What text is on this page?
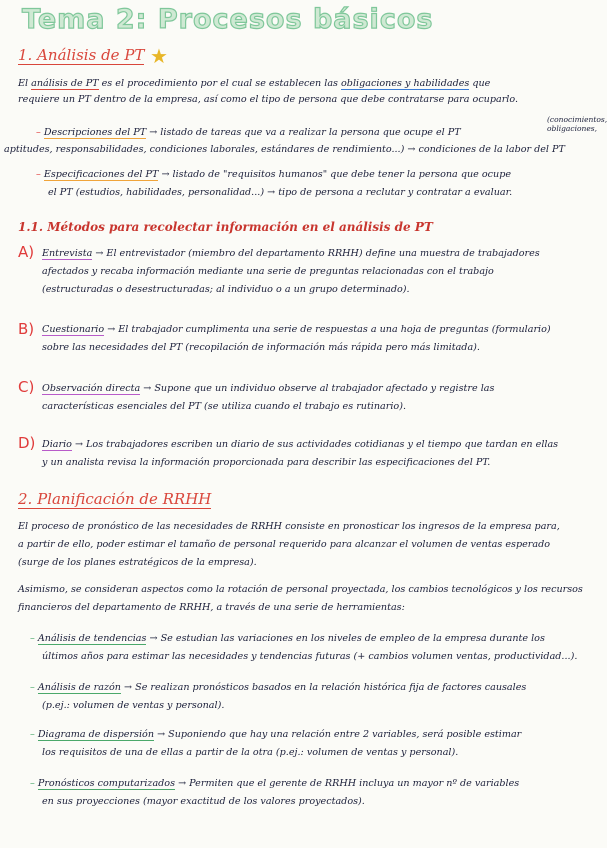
Tema 2: Procesos básicos
1. Análisis de PT ★
El análisis de PT es el procedimiento por el cual se establecen las obligaciones y habilidades que
requiere un PT dentro de la empresa, así como el tipo de persona que debe contratarse para ocuparlo.
– Descripciones del PT → listado de tareas que va a realizar la persona que ocupe el PT
(conocimientos, obligaciones,
aptitudes, responsabilidades, condiciones laborales, estándares de rendimiento...) → condiciones de la labor del PT
– Especificaciones del PT → listado de "requisitos humanos" que debe tener la persona que ocupe
el PT (estudios, habilidades, personalidad...) → tipo de persona a reclutar y contratar a evaluar.
1.1. Métodos para recolectar información en el análisis de PT
A) Entrevista → El entrevistador (miembro del departamento RRHH) define una muestra de trabajadores
afectados y recaba información mediante una serie de preguntas relacionadas con el trabajo
(estructuradas o desestructuradas; al individuo o a un grupo determinado).
B) Cuestionario → El trabajador cumplimenta una serie de respuestas a una hoja de preguntas (formulario)
sobre las necesidades del PT (recopilación de información más rápida pero más limitada).
C) Observación directa → Supone que un individuo observe al trabajador afectado y registre las
características esenciales del PT (se utiliza cuando el trabajo es rutinario).
D) Diario → Los trabajadores escriben un diario de sus actividades cotidianas y el tiempo que tardan en ellas
y un analista revisa la información proporcionada para describir las especificaciones del PT.
2. Planificación de RRHH
El proceso de pronóstico de las necesidades de RRHH consiste en pronosticar los ingresos de la empresa para,
a partir de ello, poder estimar el tamaño de personal requerido para alcanzar el volumen de ventas esperado
(surge de los planes estratégicos de la empresa).
Asimismo, se consideran aspectos como la rotación de personal proyectada, los cambios tecnológicos y los recursos
financieros del departamento de RRHH, a través de una serie de herramientas:
– Análisis de tendencias → Se estudian las variaciones en los niveles de empleo de la empresa durante los
últimos años para estimar las necesidades y tendencias futuras (+ cambios volumen ventas, productividad...).
– Análisis de razón → Se realizan pronósticos basados en la relación histórica fija de factores causales
(p.ej.: volumen de ventas y personal).
– Diagrama de dispersión → Suponiendo que hay una relación entre 2 variables, será posible estimar
los requisitos de una de ellas a partir de la otra (p.ej.: volumen de ventas y personal).
– Pronósticos computarizados → Permiten que el gerente de RRHH incluya un mayor nº de variables
en sus proyecciones (mayor exactitud de los valores proyectados).
